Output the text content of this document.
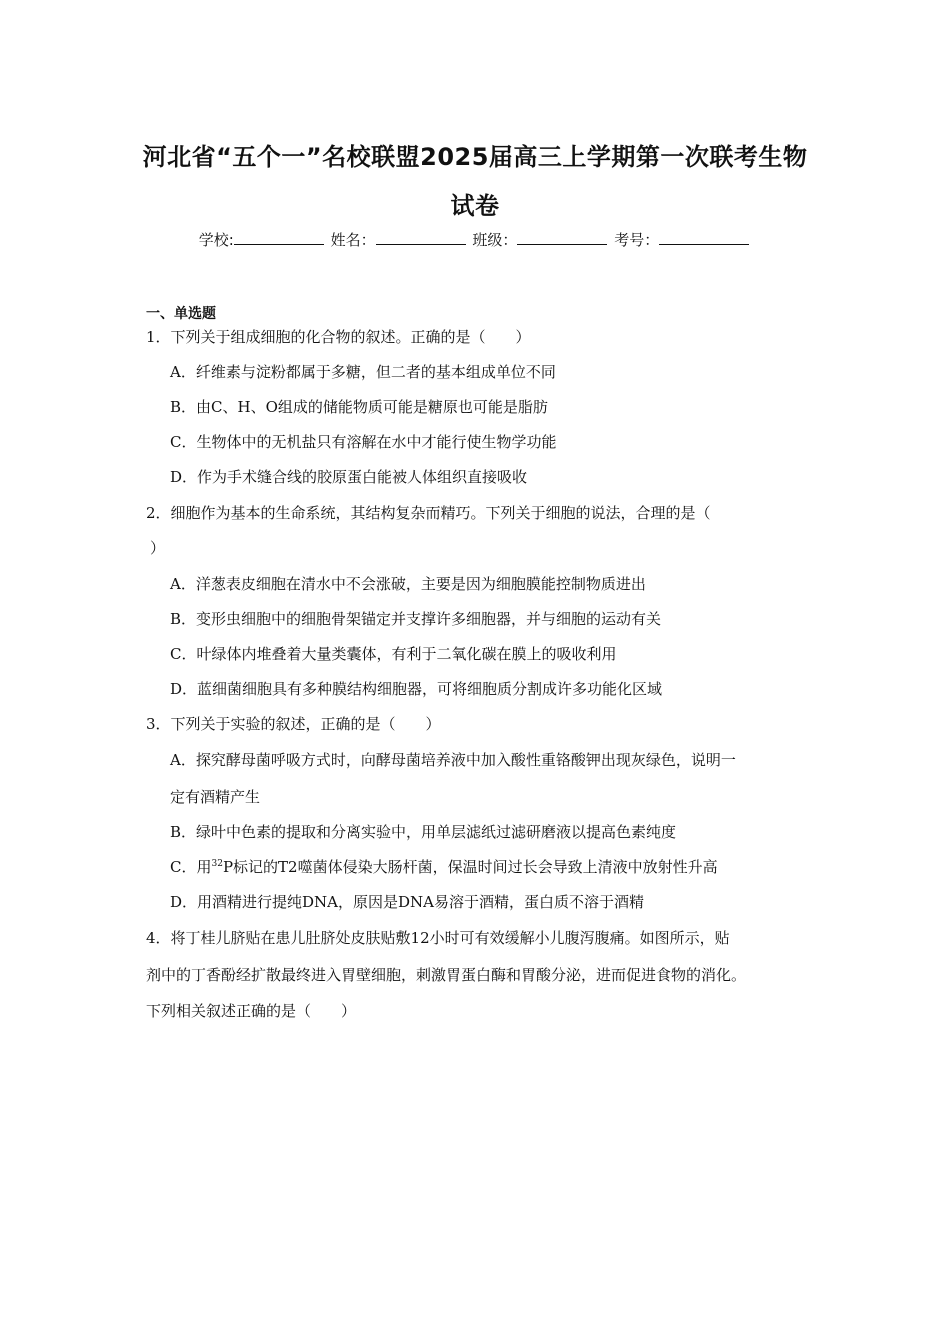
河北省“五个一”名校联盟2025届高三上学期第一次联考生物
试卷
学校:	姓名：	班级：	考号：
一、单选题
1．下列关于组成细胞的化合物的叙述。正确的是（　　）
A．纤维素与淀粉都属于多糖，但二者的基本组成单位不同
B．由C、H、O组成的储能物质可能是糖原也可能是脂肪
C．生物体中的无机盐只有溶解在水中才能行使生物学功能
D．作为手术缝合线的胶原蛋白能被人体组织直接吸收
2．细胞作为基本的生命系统，其结构复杂而精巧。下列关于细胞的说法，合理的是（
）
A．洋葱表皮细胞在清水中不会涨破，主要是因为细胞膜能控制物质进出
B．变形虫细胞中的细胞骨架锚定并支撑许多细胞器，并与细胞的运动有关
C．叶绿体内堆叠着大量类囊体，有利于二氧化碳在膜上的吸收利用
D．蓝细菌细胞具有多种膜结构细胞器，可将细胞质分割成许多功能化区域
3．下列关于实验的叙述，正确的是（　　）
A．探究酵母菌呼吸方式时，向酵母菌培养液中加入酸性重铬酸钾出现灰绿色，说明一
定有酒精产生
B．绿叶中色素的提取和分离实验中，用单层滤纸过滤研磨液以提高色素纯度
C．用$^{32}$P标记的T2噬菌体侵染大肠杆菌，保温时间过长会导致上清液中放射性升高
D．用酒精进行提纯DNA，原因是DNA易溶于酒精，蛋白质不溶于酒精
4．将丁桂儿脐贴在患儿肚脐处皮肤贴敷12小时可有效缓解小儿腹泻腹痛。如图所示，贴
剂中的丁香酚经扩散最终进入胃壁细胞，刺激胃蛋白酶和胃酸分泌，进而促进食物的消化。
下列相关叙述正确的是（　　）
